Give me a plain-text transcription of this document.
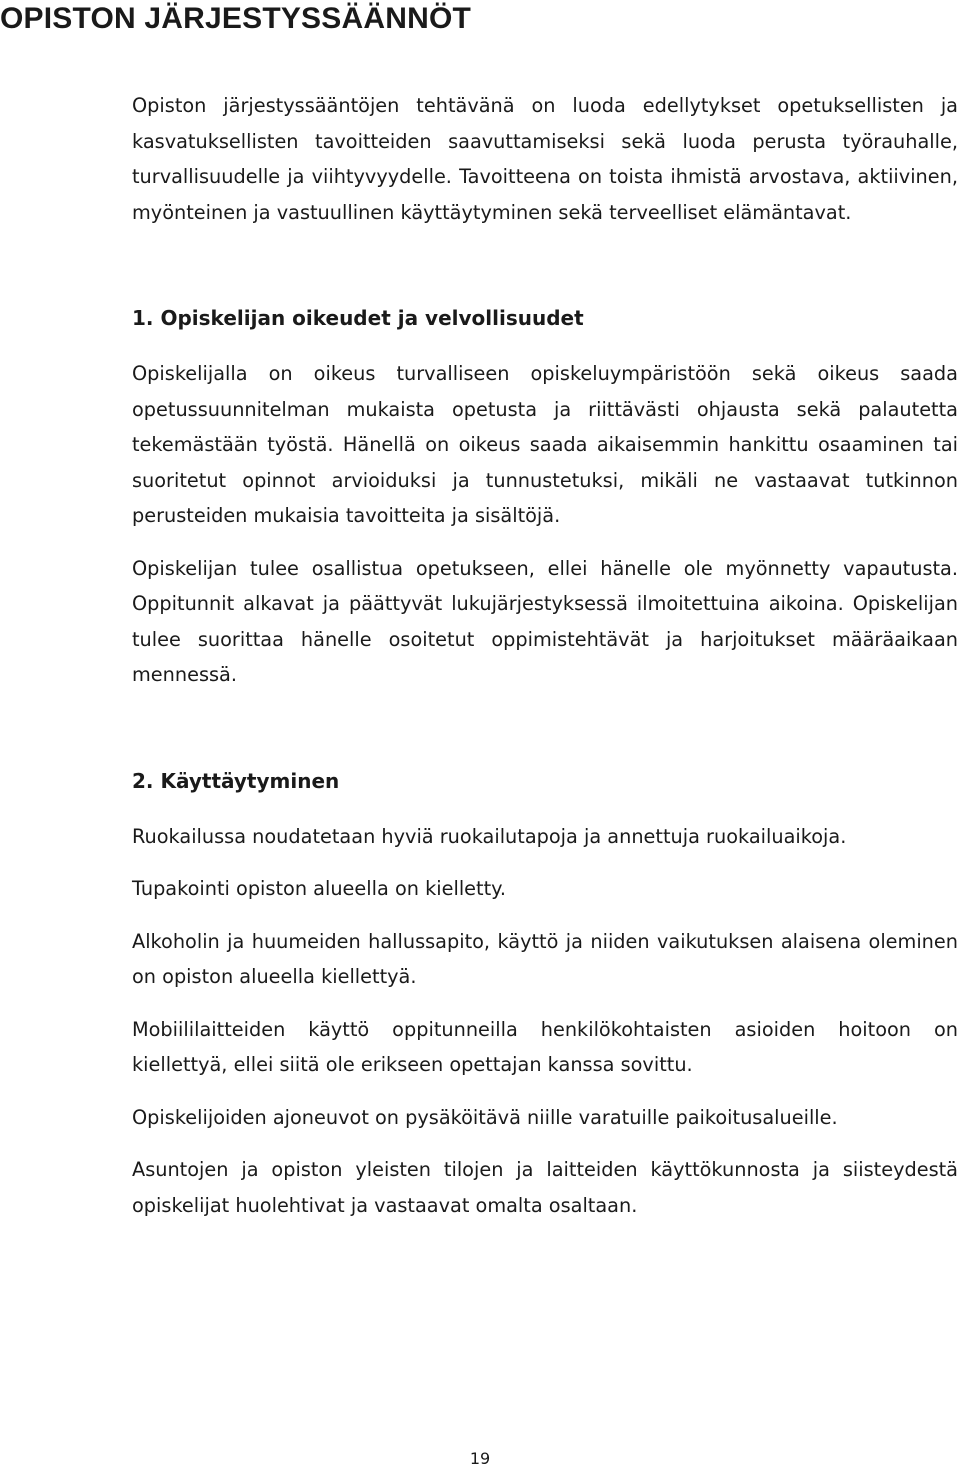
OPISTON JÄRJESTYSSÄÄNNÖT

Opiston järjestyssääntöjen tehtävänä on luoda edellytykset opetuksellisten ja kasvatuksellisten tavoitteiden saavuttamiseksi sekä luoda perusta työrauhalle, turvallisuudelle ja viihtyvyydelle. Tavoitteena on toista ihmistä arvostava, aktiivinen, myönteinen ja vastuullinen käyttäytyminen sekä terveelliset elämäntavat.

1. Opiskelijan oikeudet ja velvollisuudet

Opiskelijalla on oikeus turvalliseen opiskeluympäristöön sekä oikeus saada opetussuunnitelman mukaista opetusta ja riittävästi ohjausta sekä palautetta tekemästään työstä. Hänellä on oikeus saada aikaisemmin hankittu osaaminen tai suoritetut opinnot arvioiduksi ja tunnustetuksi, mikäli ne vastaavat tutkinnon perusteiden mukaisia tavoitteita ja sisältöjä.

Opiskelijan tulee osallistua opetukseen, ellei hänelle ole myönnetty vapautusta. Oppitunnit alkavat ja päättyvät lukujärjestyksessä ilmoitettuina aikoina. Opiskelijan tulee suorittaa hänelle osoitetut oppimistehtävät ja harjoitukset määräaikaan mennessä.

2. Käyttäytyminen

Ruokailussa noudatetaan hyviä ruokailutapoja ja annettuja ruokailuaikoja.

Tupakointi opiston alueella on kielletty.

Alkoholin ja huumeiden hallussapito, käyttö ja niiden vaikutuksen alaisena oleminen on opiston alueella kiellettyä.

Mobiililaitteiden käyttö oppitunneilla henkilökohtaisten asioiden hoitoon on kiellettyä, ellei siitä ole erikseen opettajan kanssa sovittu.

Opiskelijoiden ajoneuvot on pysäköitävä niille varatuille paikoitusalueille.

Asuntojen ja opiston yleisten tilojen ja laitteiden käyttökunnosta ja siisteydestä opiskelijat huolehtivat ja vastaavat omalta osaltaan.

19
